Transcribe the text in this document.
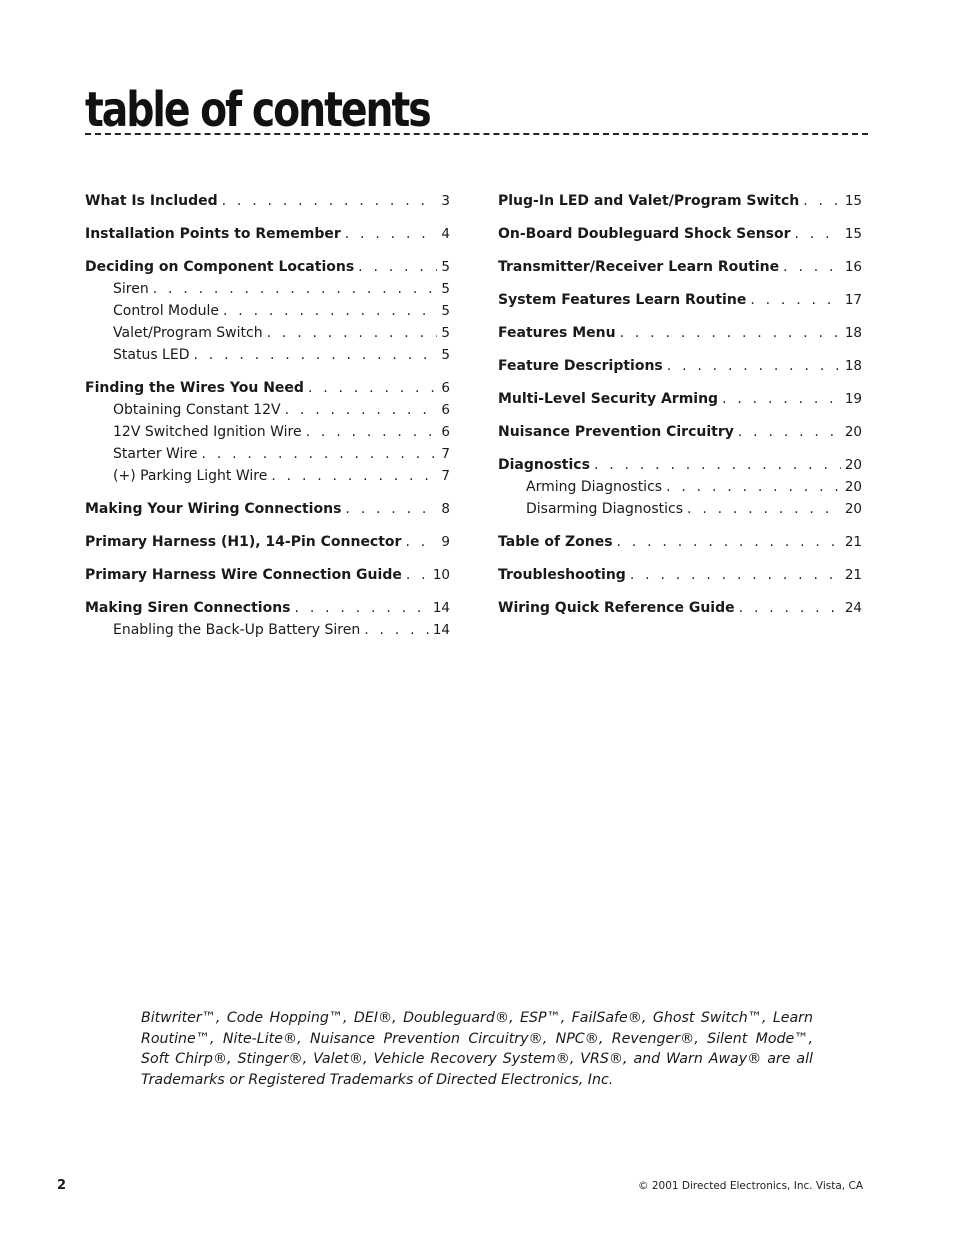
table of contents
What Is Included . . .	3
Installation Points to Remember . . .	4
Deciding on Component Locations . . .	5
Siren . . .	5
Control Module . . .	5
Valet/Program Switch . . .	5
Status LED . . .	5
Finding the Wires You Need . . .	6
Obtaining Constant 12V . . .	6
12V Switched Ignition Wire . . .	6
Starter Wire . . .	7
(+) Parking Light Wire . . .	7
Making Your Wiring Connections . . .	8
Primary Harness (H1), 14-Pin Connector . . .	9
Primary Harness Wire Connection Guide . . . 10
Making Siren Connections . . .	14
Enabling the Back-Up Battery Siren . . .	14
Plug-In LED and Valet/Program Switch . . .	15
On-Board Doubleguard Shock Sensor . . .	15
Transmitter/Receiver Learn Routine . . .	16
System Features Learn Routine . . .	17
Features Menu . . .	18
Feature Descriptions . . .	18
Multi-Level Security Arming . . .	19
Nuisance Prevention Circuitry . . .	20
Diagnostics . . .	20
Arming Diagnostics . . .	20
Disarming Diagnostics . . .	20
Table of Zones . . .	21
Troubleshooting . . .	21
Wiring Quick Reference Guide . . .	24

Bitwriter™, Code Hopping™, DEI®, Doubleguard®, ESP™, FailSafe®, Ghost Switch™, Learn Routine™, Nite-Lite®, Nuisance Prevention Circuitry®, NPC®, Revenger®, Silent Mode™, Soft Chirp®, Stinger®, Valet®, Vehicle Recovery System®, VRS®, and Warn Away® are all Trademarks or Registered Trademarks of Directed Electronics, Inc.

2	© 2001 Directed Electronics, Inc. Vista, CA
